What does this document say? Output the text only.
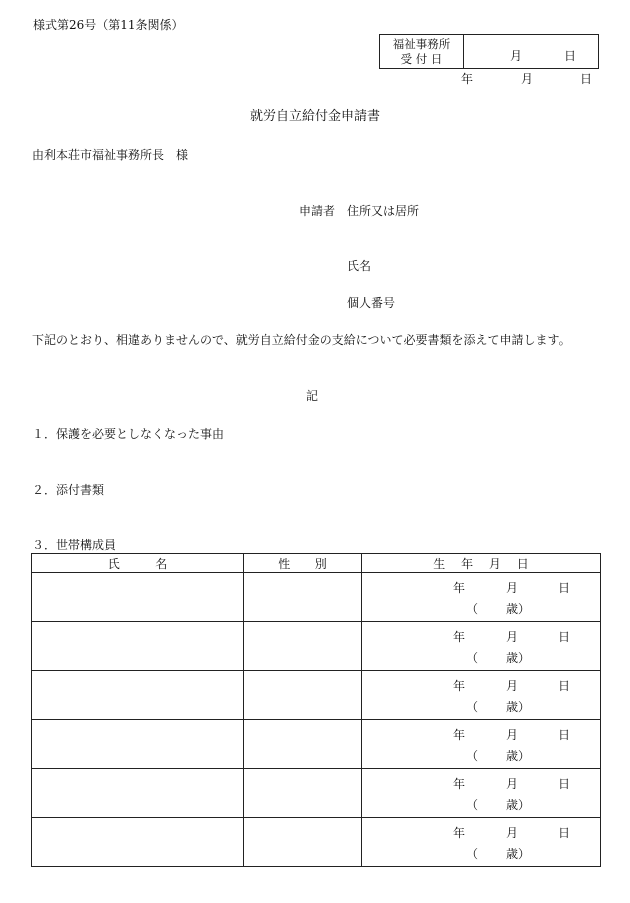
様式第26号（第11条関係）
福祉事務所
受 付 日	月	日
年	月	日
就労自立給付金申請書
由利本荘市福祉事務所長　様
申請者 住所又は居所
氏名
個人番号
下記のとおり、相違ありませんので、就労自立給付金の支給について必要書類を添えて申請します。
記
１．保護を必要としなくなった事由
２．添付書類
３．世帯構成員
氏 名	性 別	生　 年　 月　 日

		年 月 日
（ 歳）

		年 月 日
（ 歳）

		年 月 日
（ 歳）

		年 月 日
（ 歳）

		年 月 日
（ 歳）

		年 月 日
（ 歳）
